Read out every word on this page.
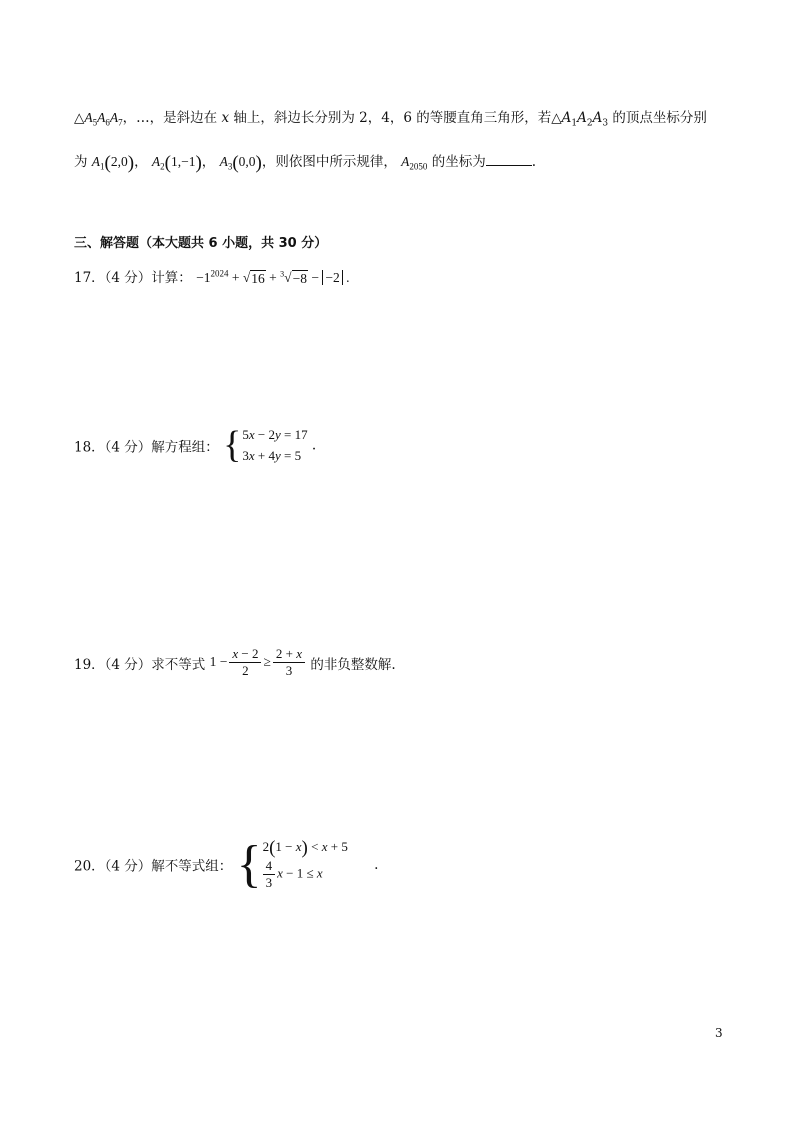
$\triangle A_5A_6A_7$，…，是斜边在 x 轴上，斜边长分别为 2，4，6 的等腰直角三角形，若$\triangle A_1A_2A_3$ 的顶点坐标分别
为 $A_1(2,0)$， $A_2(1,-1)$， $A_3(0,0)$，则依图中所示规律， $A_{2050}$ 的坐标为	.
三、解答题（本大题共 6 小题，共 30 分）
17．（4 分）计算： $-1^{2024}$ + √ 16 + $^3$ √ −8 − −2 .
18．（4 分）解方程组： { 5x − 2y = 17
3x + 4y = 5
.
19．（4 分）求不等式 $1 - \frac{x - 2}{2} \ge \frac{2 + x}{3}$ 的非负整数解.
20．（4 分）解不等式组： { 2(1 − x) < x + 5
$\frac{4}{3}$ x − 1 ≤ x
.
3
